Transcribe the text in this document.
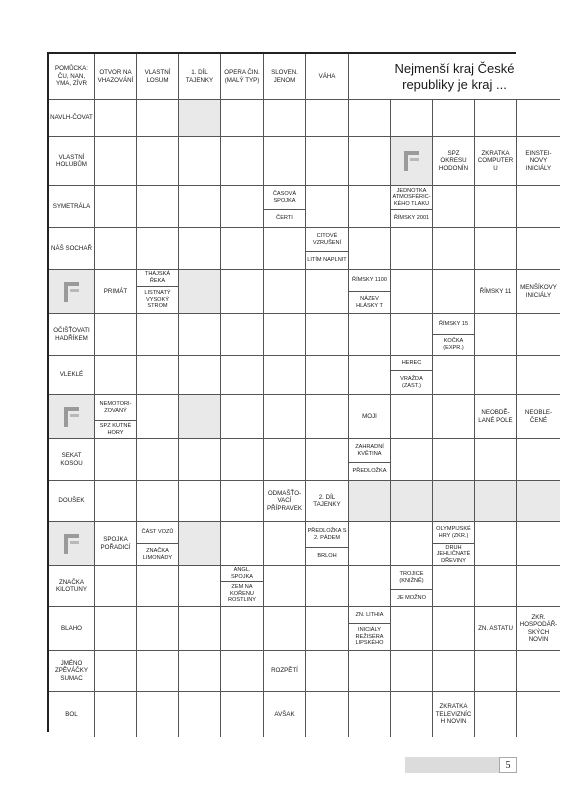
POMŮCKA: ČU, NAN, YMA, ZÍVR
OTVOR NA VHAZOVÁNÍ
VLASTNÍ LOSUM
1. DÍL TAJENKY
OPERA ČIN. (MALÝ TYP)
SLOVEN. JENOM
VÁHA
NAVLH-ČOVAT
VLASTNÍ HOLUBŮM
SPZ OKRESU HODONÍN
ZKRATKA COMPUTERU
EINSTEI-NOVY INICIÁLY
SYMETRÁLA
ČASOVÁ SPOJKA
ČERTI
JEDNOTKA ATMOSFÉRIC-KÉHO TLAKU
ŘÍMSKY 2001
NÁŠ SOCHAŘ
CITOVÉ VZRUŠENÍ
LITÍM NAPLNIT
PRIMÁT
THAJSKÁ ŘEKA
LISTNATÝ VYSOKÝ STROM
ŘÍMSKY 1100
NÁZEV HLÁSKY T
ŘÍMSKY 11
MENŠÍKOVY INICIÁLY
OČIŠŤOVATI HADŘÍKEM
ŘÍMSKY 15
KOČKA (EXPR.)
VLEKLÉ
HEREC
VRAŽDA (ZAST.)
NEMOTORI-ZOVANÝ
SPZ KUTNÉ HORY
MOJI
NEOBDĚ-LANÉ POLE
NEOBLE-ČENÉ
SEKAT KOSOU
ZAHRADNÍ KVĚTINA
PŘEDLOŽKA
DOUŠEK
ODMAŠŤO-VACÍ PŘÍPRAVEK
2. DÍL TAJENKY
SPOJKA POŘADICÍ
ČÁST VOZŮ
ZNAČKA LIMONÁDY
PŘEDLOŽKA S 2. PÁDEM
BRLOH
OLYMPIJSKÉ HRY (ZKR.)
DRUH JEHLIČNATÉ DŘEVINY
ZNAČKA KILOTUNY
ANGL. SPOJKA
ZEM NA KOŘENU ROSTLINY
TROJICE (KNIŽNĚ)
JE MOŽNO
BLAHO
ZN. LITHIA
INICIÁLY REŽISÉRA LIPSKÉHO
ZN. ASTATU
ZKR. HOSPODÁŘ-SKÝCH NOVIN
JMÉNO ZPĚVÁČKY SUMAC
ROZPĚTÍ
BOL	AVŠAK
ZKRATKA TELEVIZNÍCH NOVIN
Nejmenší kraj České republiky je kraj ...
5
